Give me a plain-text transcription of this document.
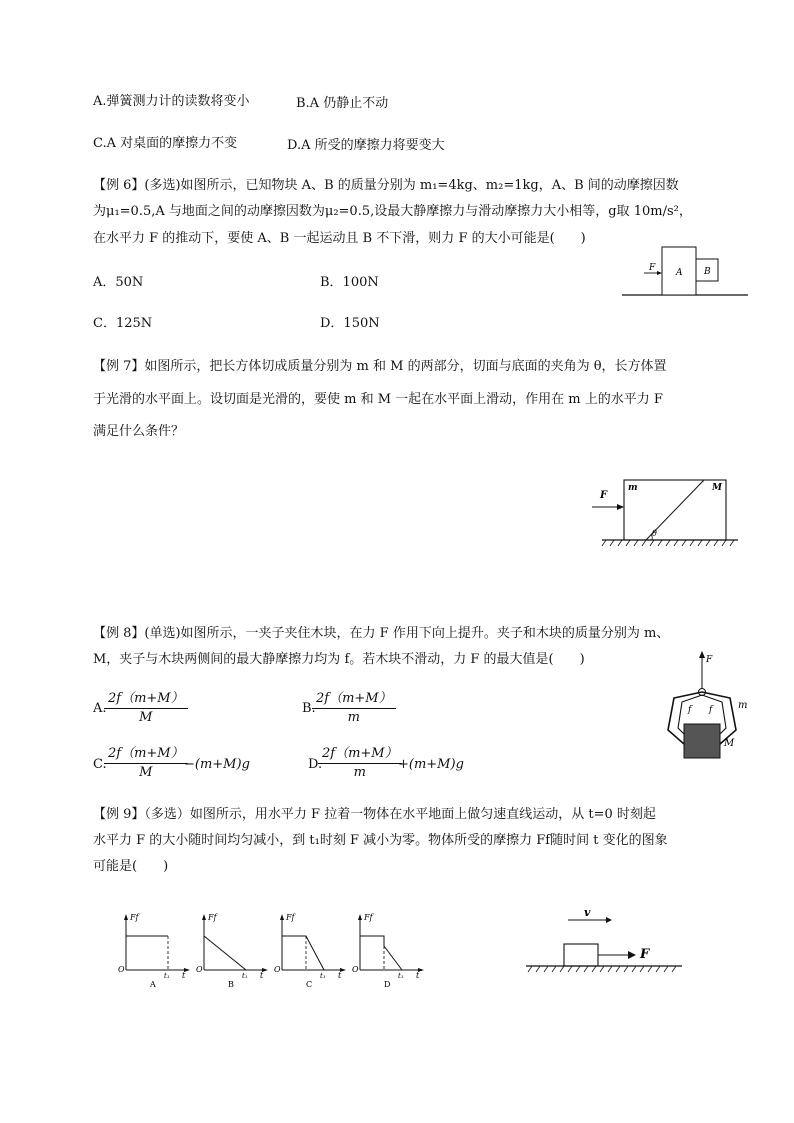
A.弹簧测力计的读数将变小	B.A 仍静止不动
C.A 对桌面的摩擦力不变	D.A 所受的摩擦力将要变大
【例 6】(多选)如图所示，已知物块 A、B 的质量分别为 m₁=4kg、m₂=1kg，A、B 间的动摩擦因数
为μ₁=0.5,A 与地面之间的动摩擦因数为μ₂=0.5,设最大静摩擦力与滑动摩擦力大小相等，g取 10m/s²，
在水平力 F 的推动下，要使 A、B 一起运动且 B 不下滑，则力 F 的大小可能是(　　)
A．50N	B．100N
C．125N	D．150N
F A B
【例 7】如图所示，把长方体切成质量分别为 m 和 M 的两部分，切面与底面的夹角为 θ，长方体置
于光滑的水平面上。设切面是光滑的，要使 m 和 M 一起在水平面上滑动，作用在 m 上的水平力 F
满足什么条件？
F
m	M
θ
【例 8】(单选)如图所示，一夹子夹住木块，在力 F 作用下向上提升。夹子和木块的质量分别为 m、
M，夹子与木块两侧间的最大静摩擦力均为 f。若木块不滑动，力 F 的最大值是(　　)
A.
$\frac{2f(m+M)}{M}$	B.
$\frac{2f(m+M)}{m}$
C.
$\frac{2f(m+M)}{M}$
−(m+M)g	D.
$\frac{2f(m+M)}{m}$
+(m+M)g
F
f f	m
M
【例 9】（多选）如图所示，用水平力 F 拉着一物体在水平地面上做匀速直线运动，从 t=0 时刻起
水平力 F 的大小随时间均匀减小，到 t₁时刻 F 减小为零。物体所受的摩擦力 Ff随时间 t 变化的图象
可能是(　　)
Ff
O
t₁ t
A
Ff
O
t₁ t
B
Ff
O
t₁ t
C
Ff
O
t₁ t
D
v
F
